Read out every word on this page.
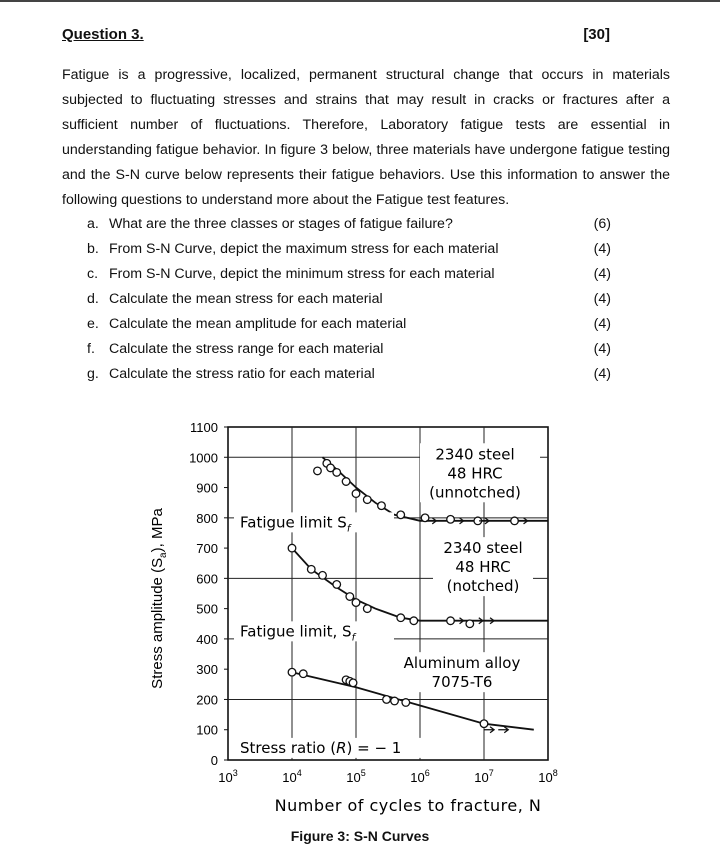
Question 3.	[30]
Fatigue is a progressive, localized, permanent structural change that occurs in materials subjected to fluctuating stresses and strains that may result in cracks or fractures after a sufficient number of fluctuations. Therefore, Laboratory fatigue tests are essential in understanding fatigue behavior. In figure 3 below, three materials have undergone fatigue testing and the S-N curve below represents their fatigue behaviors. Use this information to answer the following questions to understand more about the Fatigue test features.
a. What are the three classes or stages of fatigue failure?	(6)
b. From S-N Curve, depict the maximum stress for each material	(4)
c. From S-N Curve, depict the minimum stress for each material	(4)
d. Calculate the mean stress for each material	(4)
e. Calculate the mean amplitude for each material	(4)
f. Calculate the stress range for each material	(4)
g. Calculate the stress ratio for each material	(4)
0
100
200
300
400
500
600
700
800
900
1000
1100
$10^3$	$10^4$	$10^5$	$10^6$	$10^7$	$10^8$
Number of cycles to fracture, N
Stress amplitude $(S_a)$, MPa
2340 steel
48 HRC
(unnotched)
2340 steel
48 HRC
(notched)
Aluminum alloy
7075-T6
Fatigue limit $S_f$
Fatigue limit, $S_f$
Stress ratio (R) = − 1
Figure 3: S-N Curves
